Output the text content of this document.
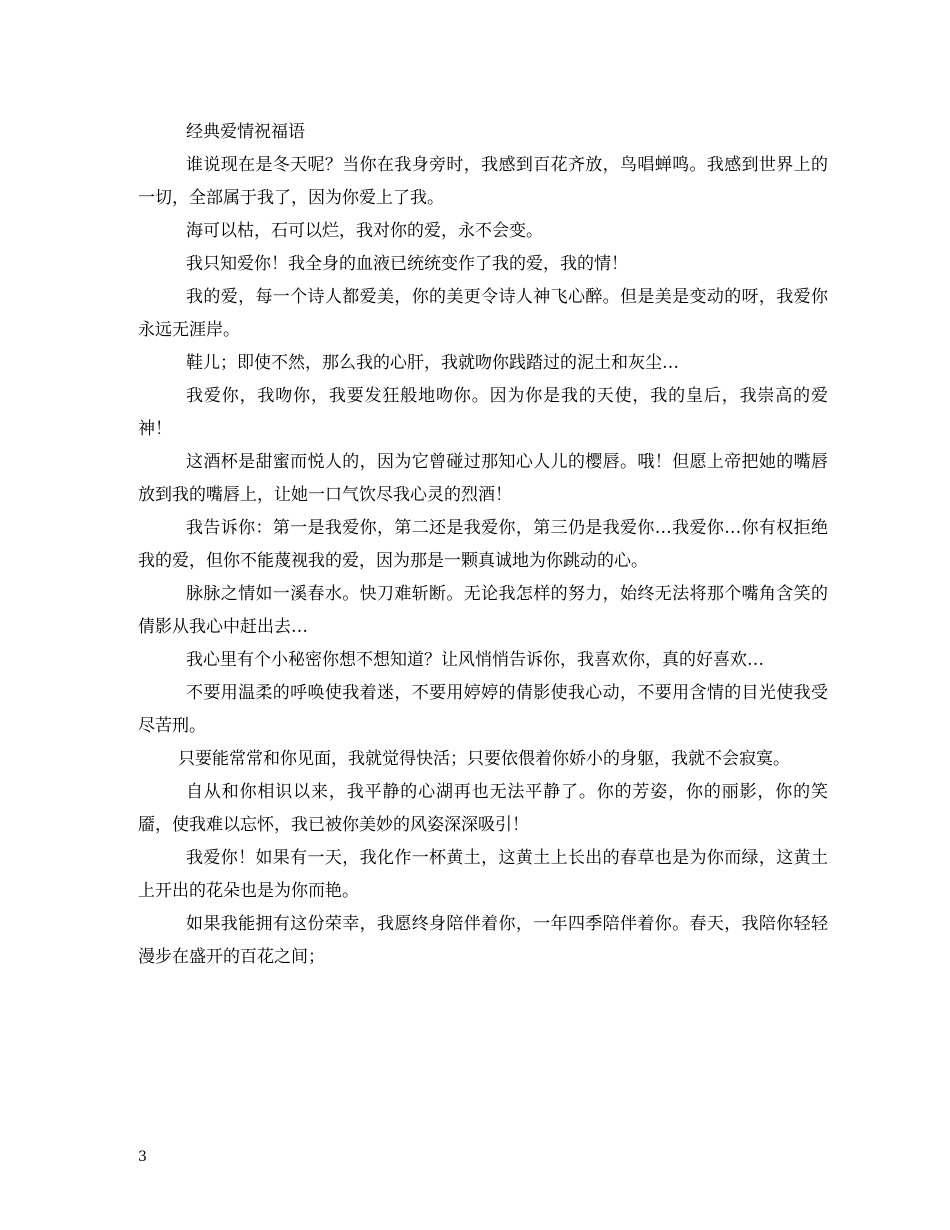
经典爱情祝福语

谁说现在是冬天呢？当你在我身旁时，我感到百花齐放，鸟唱蝉鸣。我感到世界上的一切，全部属于我了，因为你爱上了我。

海可以枯，石可以烂，我对你的爱，永不会变。

我只知爱你！我全身的血液已统统变作了我的爱，我的情！

我的爱，每一个诗人都爱美，你的美更令诗人神飞心醉。但是美是变动的呀，我爱你永远无涯岸。

鞋儿；即使不然，那么我的心肝，我就吻你践踏过的泥土和灰尘…

我爱你，我吻你，我要发狂般地吻你。因为你是我的天使，我的皇后，我崇高的爱神！

这酒杯是甜蜜而悦人的，因为它曾碰过那知心人儿的樱唇。哦！但愿上帝把她的嘴唇放到我的嘴唇上，让她一口气饮尽我心灵的烈酒！

我告诉你：第一是我爱你，第二还是我爱你，第三仍是我爱你…我爱你…你有权拒绝我的爱，但你不能蔑视我的爱，因为那是一颗真诚地为你跳动的心。

脉脉之情如一溪春水。快刀难斩断。无论我怎样的努力，始终无法将那个嘴角含笑的倩影从我心中赶出去…

我心里有个小秘密你想不想知道？让风悄悄告诉你，我喜欢你，真的好喜欢…

不要用温柔的呼唤使我着迷，不要用婷婷的倩影使我心动，不要用含情的目光使我受尽苦刑。

只要能常常和你见面，我就觉得快活；只要依偎着你娇小的身躯，我就不会寂寞。

自从和你相识以来，我平静的心湖再也无法平静了。你的芳姿，你的丽影，你的笑靥，使我难以忘怀，我已被你美妙的风姿深深吸引！

我爱你！如果有一天，我化作一杯黄土，这黄土上长出的春草也是为你而绿，这黄土上开出的花朵也是为你而艳。

如果我能拥有这份荣幸，我愿终身陪伴着你，一年四季陪伴着你。春天，我陪你轻轻漫步在盛开的百花之间；

3
